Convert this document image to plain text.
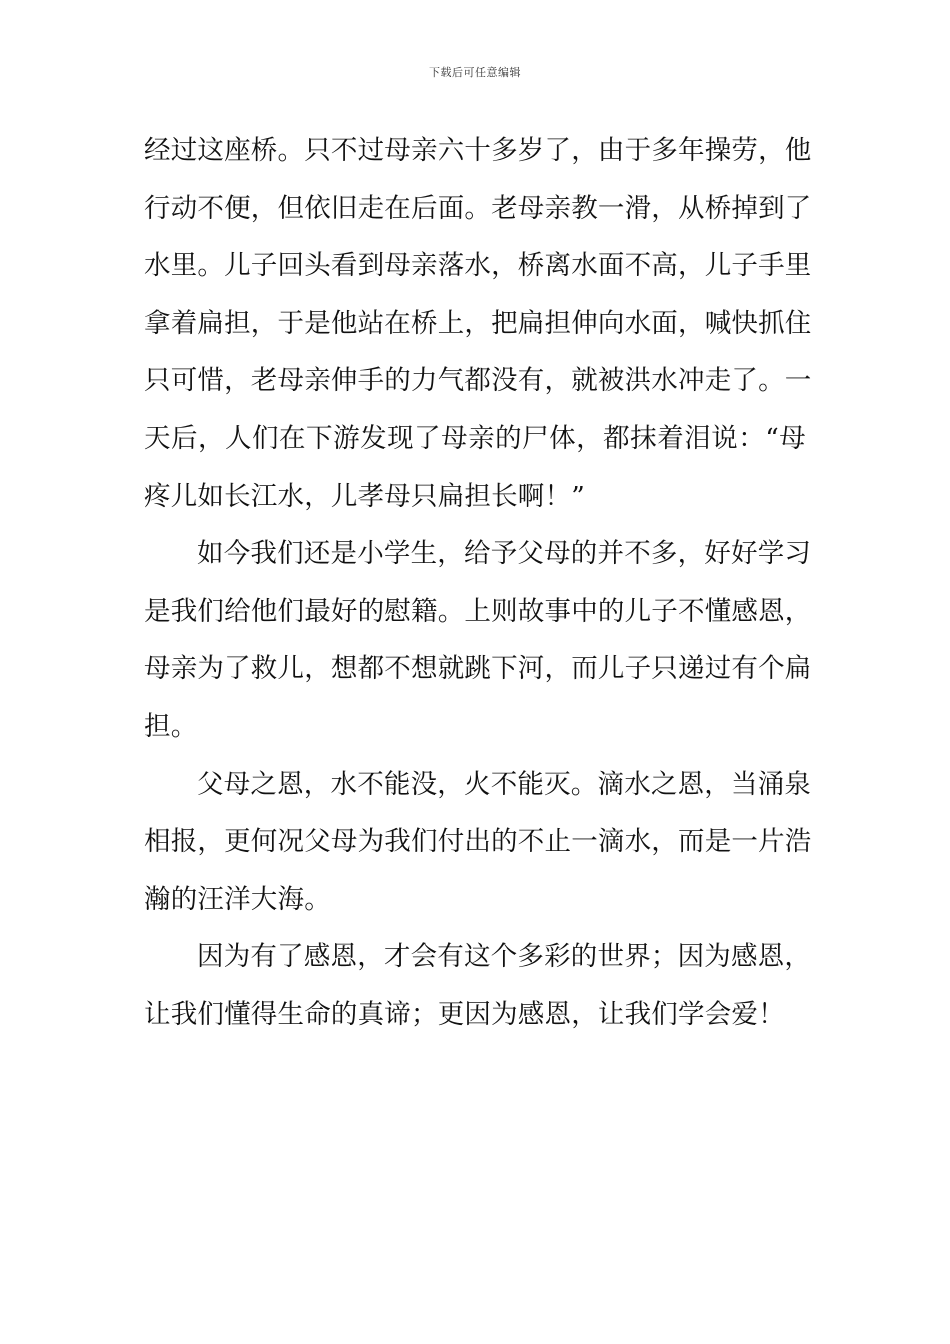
下载后可任意编辑
经过这座桥。只不过母亲六十多岁了，由于多年操劳，他
行动不便，但依旧走在后面。老母亲教一滑，从桥掉到了
水里。儿子回头看到母亲落水，桥离水面不高，儿子手里
拿着扁担，于是他站在桥上，把扁担伸向水面，喊快抓住
只可惜，老母亲伸手的力气都没有，就被洪水冲走了。一
天后，人们在下游发现了母亲的尸体，都抹着泪说：“母
疼儿如长江水，儿孝母只扁担长啊！”
如今我们还是小学生，给予父母的并不多，好好学习
是我们给他们最好的慰籍。上则故事中的儿子不懂感恩，
母亲为了救儿，想都不想就跳下河，而儿子只递过有个扁
担。
父母之恩，水不能没，火不能灭。滴水之恩，当涌泉
相报，更何况父母为我们付出的不止一滴水，而是一片浩
瀚的汪洋大海。
因为有了感恩，才会有这个多彩的世界；因为感恩，
让我们懂得生命的真谛；更因为感恩，让我们学会爱！
